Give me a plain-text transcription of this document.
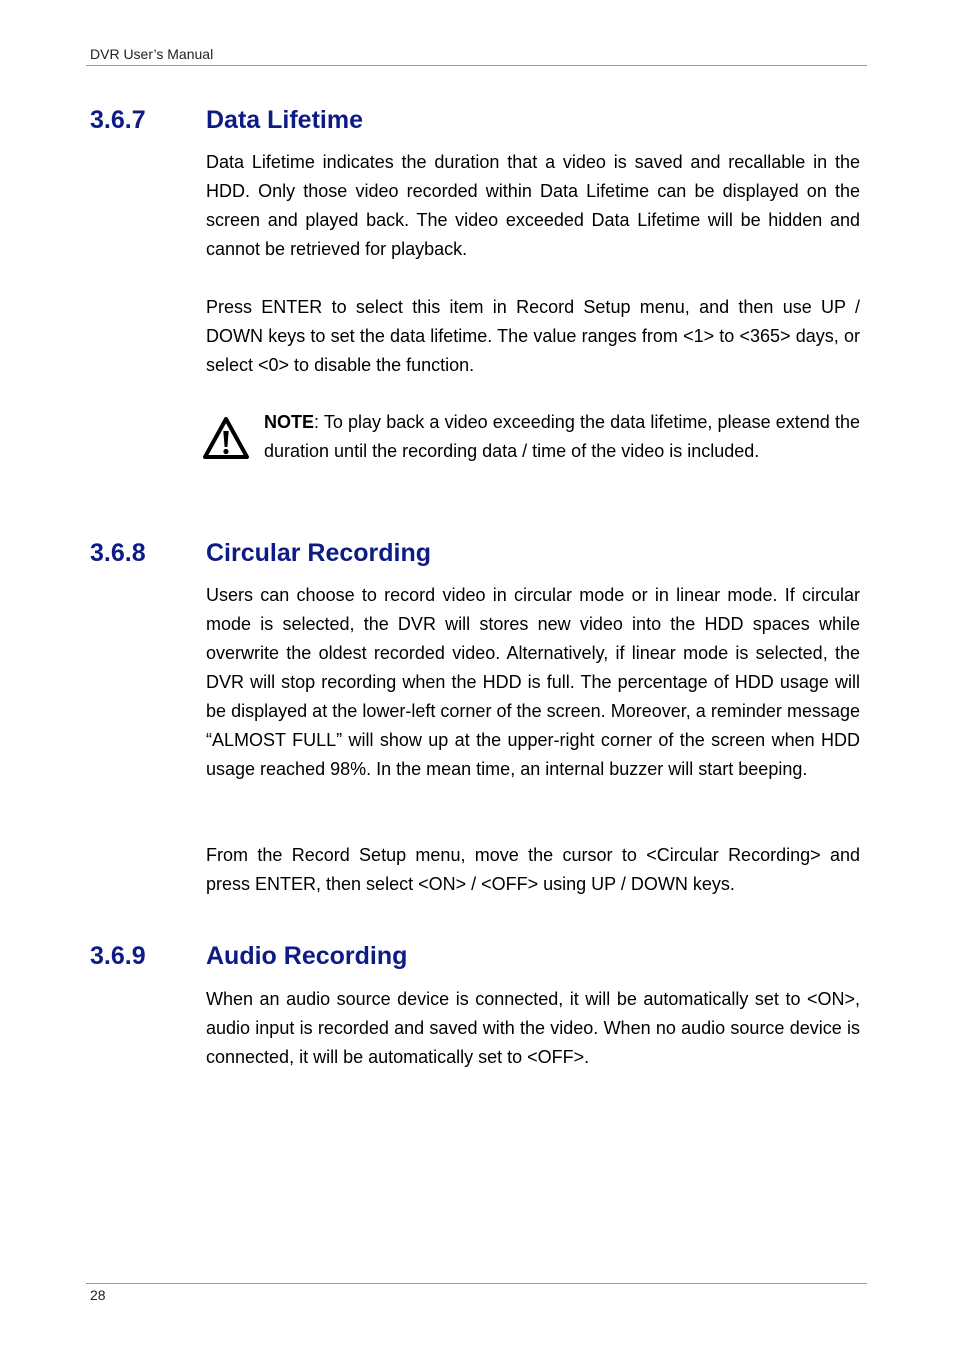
DVR User’s Manual
3.6.7 Data Lifetime

Data Lifetime indicates the duration that a video is saved and recallable in the HDD. Only those video recorded within Data Lifetime can be displayed on the screen and played back. The video exceeded Data Lifetime will be hidden and cannot be retrieved for playback.

Press ENTER to select this item in Record Setup menu, and then use UP / DOWN keys to set the data lifetime. The value ranges from <1> to <365> days, or select <0> to disable the function.

NOTE: To play back a video exceeding the data lifetime, please extend the duration until the recording data / time of the video is included.

3.6.8 Circular Recording

Users can choose to record video in circular mode or in linear mode. If circular mode is selected, the DVR will stores new video into the HDD spaces while overwrite the oldest recorded video. Alternatively, if linear mode is selected, the DVR will stop recording when the HDD is full. The percentage of HDD usage will be displayed at the lower-left corner of the screen. Moreover, a reminder message “ALMOST FULL” will show up at the upper-right corner of the screen when HDD usage reached 98%. In the mean time, an internal buzzer will start beeping.

From the Record Setup menu, move the cursor to <Circular Recording> and press ENTER, then select <ON> / <OFF> using UP / DOWN keys.

3.6.9 Audio Recording

When an audio source device is connected, it will be automatically set to <ON>, audio input is recorded and saved with the video. When no audio source device is connected, it will be automatically set to <OFF>.

28
